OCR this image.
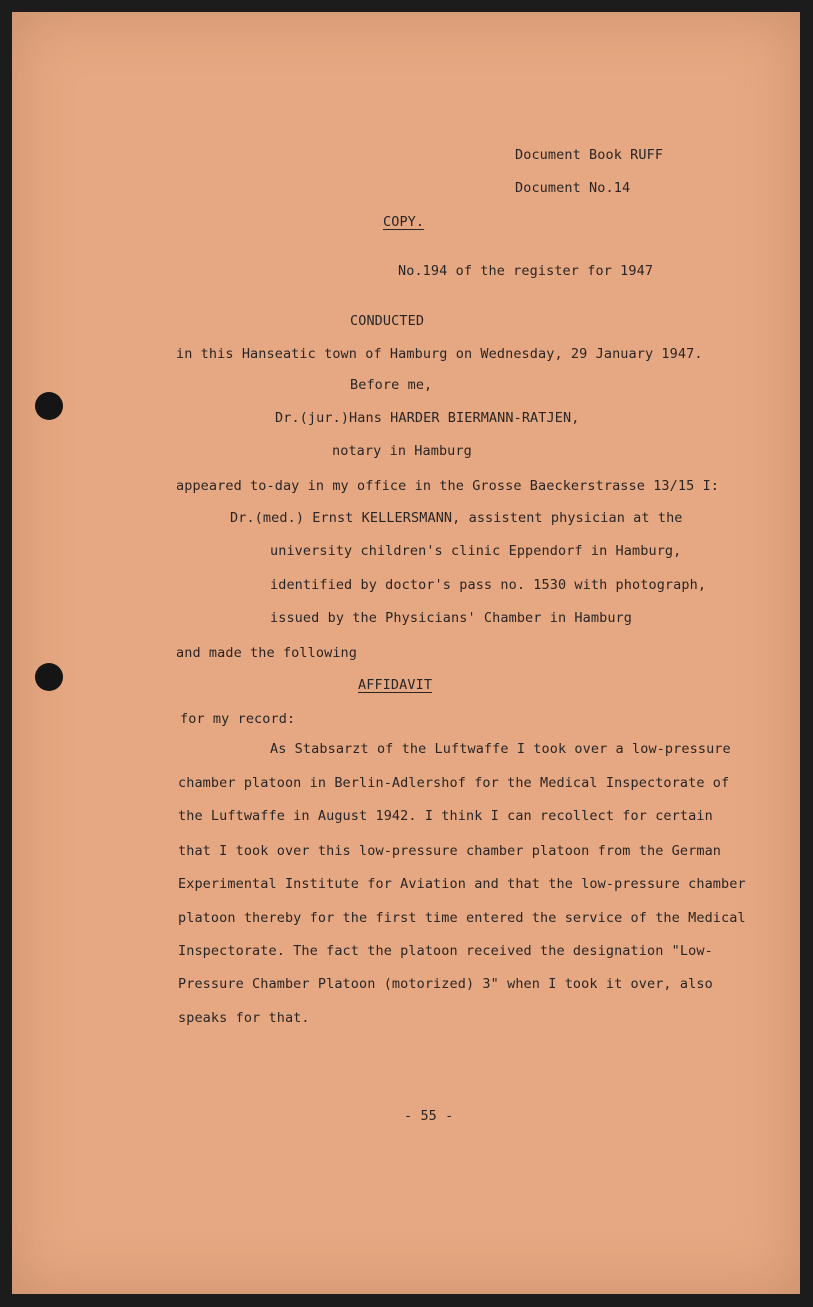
Document Book RUFF

Document No.14

COPY.

No.194 of the register for 1947

CONDUCTED

in this Hanseatic town of Hamburg on Wednesday, 29 January 1947.

Before me,

Dr.(jur.)Hans HARDER BIERMANN-RATJEN,

notary in Hamburg

appeared to-day in my office in the Grosse Baeckerstrasse 13/15 I:

Dr.(med.) Ernst KELLERSMANN, assistent physician at the

university children's clinic Eppendorf in Hamburg,

identified by doctor's pass no. 1530 with photograph,

issued by the Physicians' Chamber in Hamburg

and made the following

AFFIDAVIT

for my record:

As Stabsarzt of the Luftwaffe I took over a low-pressure

chamber platoon in Berlin-Adlershof for the Medical Inspectorate of

the Luftwaffe in August 1942. I think I can recollect for certain

that I took over this low-pressure chamber platoon from the German

Experimental Institute for Aviation and that the low-pressure chamber

platoon thereby for the first time entered the service of the Medical

Inspectorate. The fact the platoon received the designation "Low-

Pressure Chamber Platoon (motorized) 3" when I took it over, also

speaks for that.

- 55 -
